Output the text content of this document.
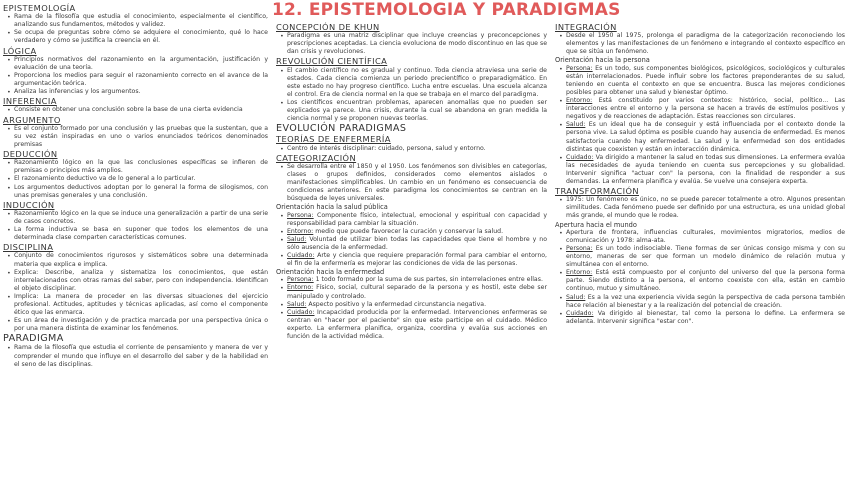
12. EPISTEMOLOGIA Y PARADIGMAS
EPISTEMOLOGÍA
• Rama de la filosofía que estudia el conocimiento, especialmente el científico, analizando sus fundamentos, métodos y validez.
• Se ocupa de preguntas sobre cómo se adquiere el conocimiento, qué lo hace verdadero y cómo se justifica la creencia en él.
LÓGICA
• Principios normativos del razonamiento en la argumentación, justificación y evaluación de una teoría.
• Proporciona los medios para seguir el razonamiento correcto en el avance de la argumentación teórica.
• Analiza las inferencias y los argumentos.
INFERENCIA
• Consiste en obtener una conclusión sobre la base de una cierta evidencia
ARGUMENTO
• Es el conjunto formado por una conclusión y las pruebas que la sustentan, que a su vez están inspiradas en uno o varios enunciados teóricos denominados premisas
DEDUCCIÓN
• Razonamiento lógico en la que las conclusiones específicas se infieren de premisas o principios más amplios.
• El razonamiento deductivo va de lo general a lo particular.
• Los argumentos deductivos adoptan por lo general la forma de silogismos, con unas premisas generales y una conclusión.
INDUCCIÓN
• Razonamiento lógico en la que se induce una generalización a partir de una serie de casos concretos.
• La forma inductiva se basa en suponer que todos los elementos de una determinada clase comparten características comunes.
DISCIPLINA
• Conjunto de conocimientos rigurosos y sistemáticos sobre una determinada materia que explica e implica.
• Explica: Describe, analiza y sistematiza los conocimientos, que están interrelacionados con otras ramas del saber, pero con independencia. Identifican el objeto disciplinar.
• Implica: La manera de proceder en las diversas situaciones del ejercicio profesional. Actitudes, aptitudes y técnicas aplicadas, así como el componente ético que las enmarca.
• Es un área de investigación y de practica marcada por una perspectiva única o por una manera distinta de examinar los fenómenos.
PARADIGMA
• Rama de la filosofía que estudia el corriente de pensamiento y manera de ver y comprender el mundo que influye en el desarrollo del saber y de la habilidad en el seno de las disciplinas.
CONCEPCIÓN DE KHUN
• Paradigma es una matriz disciplinar que incluye creencias y preconcepciones y prescripciones aceptadas. La ciencia evoluciona de modo discontinuo en las que se dan crisis y revoluciones.
REVOLUCIÓN CIENTÍFICA
• El cambio científico no es gradual y continuo. Toda ciencia atraviesa una serie de estados. Cada ciencia comienza un periodo precientífico o preparadigmático. En este estado no hay progreso científico. Lucha entre escuelas. Una escuela alcanza el control. Era de ciencia normal en la que se trabaja en el marco del paradigma.
• Los científicos encuentran problemas, aparecen anomalías que no pueden ser explicados ya parece. Una crisis, durante la cual se abandona en gran medida la ciencia normal y se proponen nuevas teorías.
EVOLUCIÓN PARADIGMAS
TEORÍAS DE ENFERMERÍA
• Centro de interés disciplinar: cuidado, persona, salud y entorno.
CATEGORIZACIÓN
• Se desarrolla entre el 1850 y el 1950. Los fenómenos son divisibles en categorías, clases o grupos definidos, considerados como elementos aislados o manifestaciones simplificables. Un cambio en un fenómeno es consecuencia de condiciones anteriores. En este paradigma los conocimientos se centran en la búsqueda de leyes universales.
Orientación hacia la salud pública
• Persona: Componente físico, intelectual, emocional y espiritual con capacidad y responsabilidad para cambiar la situación.
• Entorno: medio que puede favorecer la curación y conservar la salud.
• Salud: Voluntad de utilizar bien todas las capacidades que tiene el hombre y no sólo ausencia de la enfermedad.
• Cuidado: Arte y ciencia que requiere preparación formal para cambiar el entorno, el fin de la enfermería es mejorar las condiciones de vida de las personas.
Orientación hacia la enfermedad
• Persona: 1 todo formado por la suma de sus partes, sin interrelaciones entre ellas.
• Entorno: Físico, social, cultural separado de la persona y es hostil, este debe ser manipulado y controlado.
• Salud: Aspecto positivo y la enfermedad circunstancia negativa.
• Cuidado: Incapacidad producida por la enfermedad. Intervenciones enfermeras se centran en "hacer por el paciente" sin que este participe en el cuidado. Médico experto. La enfermera planifica, organiza, coordina y evalúa sus acciones en función de la actividad médica.
INTEGRACIÓN
• Desde el 1950 al 1975, prolonga el paradigma de la categorización reconociendo los elementos y las manifestaciones de un fenómeno e integrando el contexto específico en que se sitúa un fenómeno.
Orientación hacia la persona
• Persona: Es un todo, sus componentes biológicos, psicológicos, sociológicos y culturales están interrelacionados. Puede influir sobre los factores preponderantes de su salud, teniendo en cuenta el contexto en que se encuentra. Busca las mejores condiciones posibles para obtener una salud y bienestar óptimo.
• Entorno: Está constituido por varios contextos: histórico, social, político... Las interacciones entre el entorno y la persona se hacen a través de estímulos positivos y negativos y de reacciones de adaptación. Estas reacciones son circulares.
• Salud: Es un ideal que ha de conseguir y está influenciada por el contexto donde la persona vive. La salud óptima es posible cuando hay ausencia de enfermedad. Es menos satisfactoria cuando hay enfermedad. La salud y la enfermedad son dos entidades distintas que coexisten y están en interacción dinámica.
• Cuidado: Va dirigido a mantener la salud en todas sus dimensiones. La enfermera evalúa las necesidades de ayuda teniendo en cuenta sus percepciones y su globalidad. Intervenir significa "actuar con" la persona, con la finalidad de responder a sus demandas. La enfermera planifica y evalúa. Se vuelve una consejera experta.
TRANSFORMACIÓN
• 1975: Un fenómeno es único, no se puede parecer totalmente a otro. Algunos presentan similitudes. Cada fenómeno puede ser definido por una estructura, es una unidad global más grande, el mundo que le rodea.
Apertura hacia el mundo
• Apertura de frontera, influencias culturales, movimientos migratorios, medios de comunicación y 1978: alma-ata.
• Persona: Es un todo indisociable. Tiene formas de ser únicas consigo misma y con su entorno, maneras de ser que forman un modelo dinámico de relación mutua y simultánea con el entorno.
• Entorno: Está está compuesto por el conjunto del universo del que la persona forma parte. Siendo distinto a la persona, el entorno coexiste con ella, están en cambio continuo, mutuo y simultáneo.
• Salud: Es a la vez una experiencia vivida según la perspectiva de cada persona también hace relación al bienestar y a la realización del potencial de creación.
• Cuidado: Va dirigido al bienestar, tal como la persona lo define. La enfermera se adelanta. Intervenir significa "estar con".
